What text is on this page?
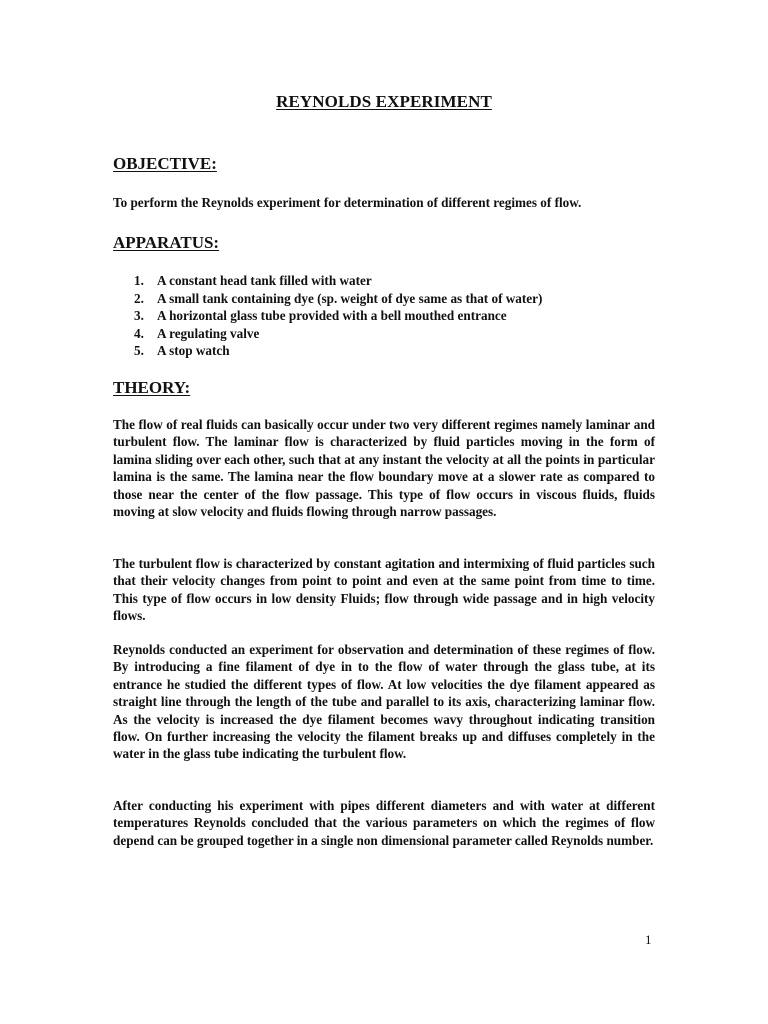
REYNOLDS EXPERIMENT
OBJECTIVE:

To perform the Reynolds experiment for determination of different regimes of flow.

APPARATUS:
1. A constant head tank filled with water
2. A small tank containing dye (sp. weight of dye same as that of water)
3. A horizontal glass tube provided with a bell mouthed entrance
4. A regulating valve
5. A stop watch
THEORY:

The flow of real fluids can basically occur under two very different regimes namely laminar and turbulent flow. The laminar flow is characterized by fluid particles moving in the form of lamina sliding over each other, such that at any instant the velocity at all the points in particular lamina is the same. The lamina near the flow boundary move at a slower rate as compared to those near the center of the flow passage. This type of flow occurs in viscous fluids, fluids moving at slow velocity and fluids flowing through narrow passages.

The turbulent flow is characterized by constant agitation and intermixing of fluid particles such that their velocity changes from point to point and even at the same point from time to time. This type of flow occurs in low density Fluids; flow through wide passage and in high velocity flows.

Reynolds conducted an experiment for observation and determination of these regimes of flow. By introducing a fine filament of dye in to the flow of water through the glass tube, at its entrance he studied the different types of flow. At low velocities the dye filament appeared as straight line through the length of the tube and parallel to its axis, characterizing laminar flow. As the velocity is increased the dye filament becomes wavy throughout indicating transition flow. On further increasing the velocity the filament breaks up and diffuses completely in the water in the glass tube indicating the turbulent flow.

After conducting his experiment with pipes different diameters and with water at different temperatures Reynolds concluded that the various parameters on which the regimes of flow depend can be grouped together in a single non dimensional parameter called Reynolds number.

1
